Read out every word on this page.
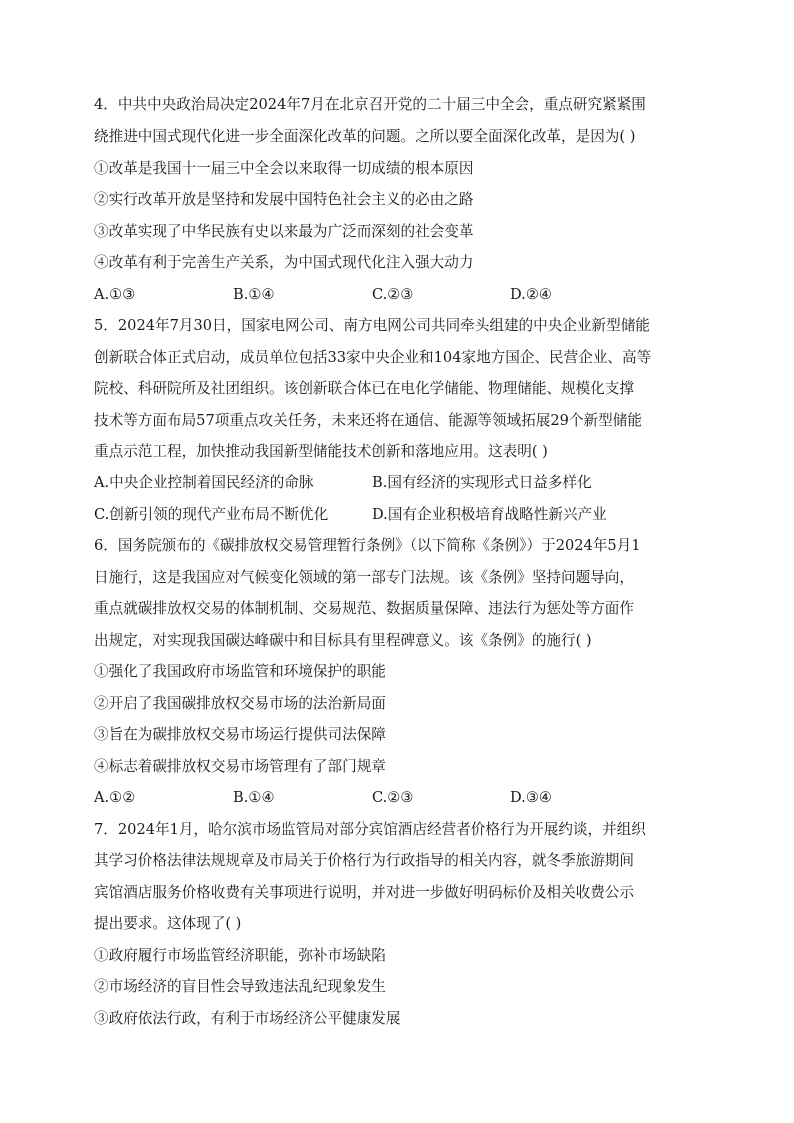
4．中共中央政治局决定2024年7月在北京召开党的二十届三中全会，重点研究紧紧围
绕推进中国式现代化进一步全面深化改革的问题。之所以要全面深化改革，是因为( )
①改革是我国十一届三中全会以来取得一切成绩的根本原因
②实行改革开放是坚持和发展中国特色社会主义的必由之路
③改革实现了中华民族有史以来最为广泛而深刻的社会变革
④改革有利于完善生产关系，为中国式现代化注入强大动力
A.①③	B.①④	C.②③	D.②④
5．2024年7月30日，国家电网公司、南方电网公司共同牵头组建的中央企业新型储能
创新联合体正式启动，成员单位包括33家中央企业和104家地方国企、民营企业、高等
院校、科研院所及社团组织。该创新联合体已在电化学储能、物理储能、规模化支撑
技术等方面布局57项重点攻关任务，未来还将在通信、能源等领域拓展29个新型储能
重点示范工程，加快推动我国新型储能技术创新和落地应用。这表明( )
A.中央企业控制着国民经济的命脉	B.国有经济的实现形式日益多样化
C.创新引领的现代产业布局不断优化	D.国有企业积极培育战略性新兴产业
6．国务院颁布的《碳排放权交易管理暂行条例》（以下简称《条例》）于2024年5月1
日施行，这是我国应对气候变化领域的第一部专门法规。该《条例》坚持问题导向，
重点就碳排放权交易的体制机制、交易规范、数据质量保障、违法行为惩处等方面作
出规定，对实现我国碳达峰碳中和目标具有里程碑意义。该《条例》的施行( )
①强化了我国政府市场监管和环境保护的职能
②开启了我国碳排放权交易市场的法治新局面
③旨在为碳排放权交易市场运行提供司法保障
④标志着碳排放权交易市场管理有了部门规章
A.①②	B.①④	C.②③	D.③④
7．2024年1月，哈尔滨市场监管局对部分宾馆酒店经营者价格行为开展约谈，并组织
其学习价格法律法规规章及市局关于价格行为行政指导的相关内容，就冬季旅游期间
宾馆酒店服务价格收费有关事项进行说明，并对进一步做好明码标价及相关收费公示
提出要求。这体现了( )
①政府履行市场监管经济职能，弥补市场缺陷
②市场经济的盲目性会导致违法乱纪现象发生
③政府依法行政，有利于市场经济公平健康发展
